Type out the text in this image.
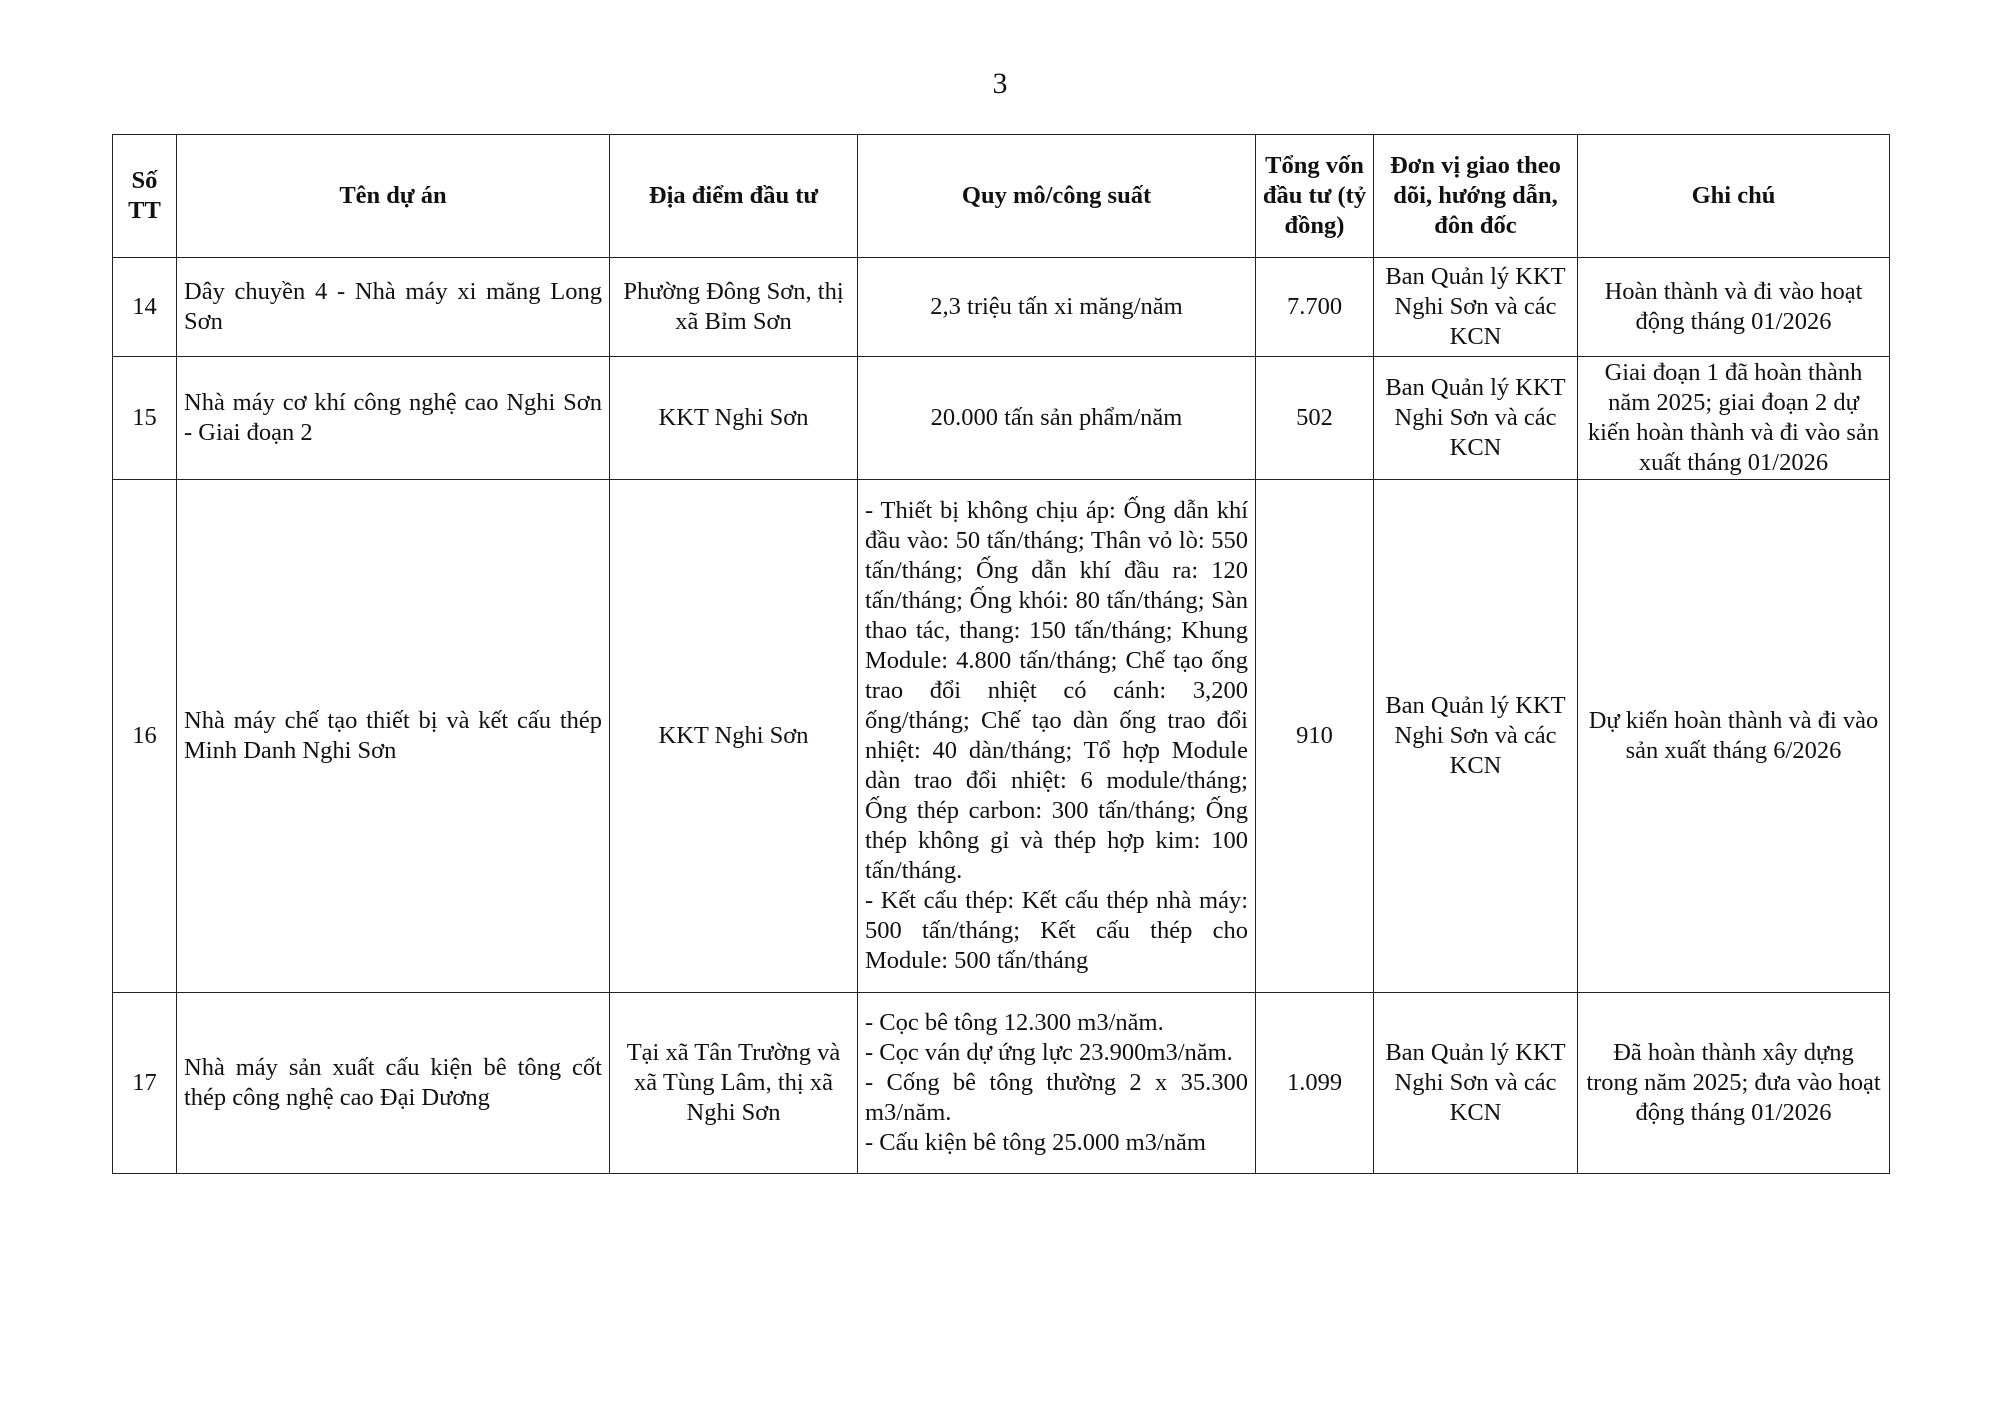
3
Số TT	Tên dự án	Địa điểm đầu tư	Quy mô/công suất	Tổng vốn đầu tư (tỷ đồng)	Đơn vị giao theo dõi, hướng dẫn, đôn đốc	Ghi chú
14	Dây chuyền 4 - Nhà máy xi măng Long Sơn	Phường Đông Sơn, thị xã Bỉm Sơn	2,3 triệu tấn xi măng/năm	7.700	Ban Quản lý KKT Nghi Sơn và các KCN	Hoàn thành và đi vào hoạt động tháng 01/2026
15	Nhà máy cơ khí công nghệ cao Nghi Sơn - Giai đoạn 2	KKT Nghi Sơn	20.000 tấn sản phẩm/năm	502	Ban Quản lý KKT Nghi Sơn và các KCN	Giai đoạn 1 đã hoàn thành năm 2025; giai đoạn 2 dự kiến hoàn thành và đi vào sản xuất tháng 01/2026
16	Nhà máy chế tạo thiết bị và kết cấu thép Minh Danh Nghi Sơn	KKT Nghi Sơn	- Thiết bị không chịu áp: Ống dẫn khí đầu vào: 50 tấn/tháng; Thân vỏ lò: 550 tấn/tháng; Ống dẫn khí đầu ra: 120 tấn/tháng; Ống khói: 80 tấn/tháng; Sàn thao tác, thang: 150 tấn/tháng; Khung Module: 4.800 tấn/tháng; Chế tạo ống trao đổi nhiệt có cánh: 3,200 ống/tháng; Chế tạo dàn ống trao đổi nhiệt: 40 dàn/tháng; Tổ hợp Module dàn trao đổi nhiệt: 6 module/tháng; Ống thép carbon: 300 tấn/tháng; Ống thép không gỉ và thép hợp kim: 100 tấn/tháng.
- Kết cấu thép: Kết cấu thép nhà máy: 500 tấn/tháng; Kết cấu thép cho Module: 500 tấn/tháng	910	Ban Quản lý KKT Nghi Sơn và các KCN	Dự kiến hoàn thành và đi vào sản xuất tháng 6/2026
17	Nhà máy sản xuất cấu kiện bê tông cốt thép công nghệ cao Đại Dương	Tại xã Tân Trường và xã Tùng Lâm, thị xã Nghi Sơn	- Cọc bê tông 12.300 m3/năm.
- Cọc ván dự ứng lực 23.900m3/năm.
- Cống bê tông thường 2 x 35.300 m3/năm.
- Cấu kiện bê tông 25.000 m3/năm	1.099	Ban Quản lý KKT Nghi Sơn và các KCN	Đã hoàn thành xây dựng trong năm 2025; đưa vào hoạt động tháng 01/2026
